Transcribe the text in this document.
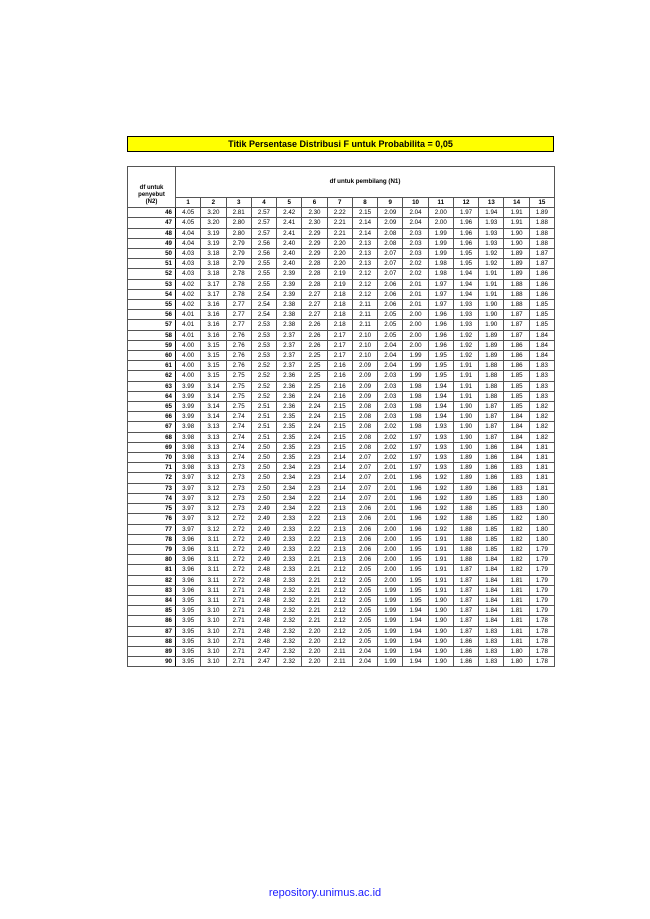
Titik Persentase Distribusi F untuk Probabilita = 0,05
df untuk
penyebut
(N2)	df untuk pembilang (N1)														
	1	2	3	4	5	6	7	8	9	10	11	12	13	14	15
46	4.05	3.20	2.81	2.57	2.42	2.30	2.22	2.15	2.09	2.04	2.00	1.97	1.94	1.91	1.89
47	4.05	3.20	2.80	2.57	2.41	2.30	2.21	2.14	2.09	2.04	2.00	1.96	1.93	1.91	1.88
48	4.04	3.19	2.80	2.57	2.41	2.29	2.21	2.14	2.08	2.03	1.99	1.96	1.93	1.90	1.88
49	4.04	3.19	2.79	2.56	2.40	2.29	2.20	2.13	2.08	2.03	1.99	1.96	1.93	1.90	1.88
50	4.03	3.18	2.79	2.56	2.40	2.29	2.20	2.13	2.07	2.03	1.99	1.95	1.92	1.89	1.87
51	4.03	3.18	2.79	2.55	2.40	2.28	2.20	2.13	2.07	2.02	1.98	1.95	1.92	1.89	1.87
52	4.03	3.18	2.78	2.55	2.39	2.28	2.19	2.12	2.07	2.02	1.98	1.94	1.91	1.89	1.86
53	4.02	3.17	2.78	2.55	2.39	2.28	2.19	2.12	2.06	2.01	1.97	1.94	1.91	1.88	1.86
54	4.02	3.17	2.78	2.54	2.39	2.27	2.18	2.12	2.06	2.01	1.97	1.94	1.91	1.88	1.86
55	4.02	3.16	2.77	2.54	2.38	2.27	2.18	2.11	2.06	2.01	1.97	1.93	1.90	1.88	1.85
56	4.01	3.16	2.77	2.54	2.38	2.27	2.18	2.11	2.05	2.00	1.96	1.93	1.90	1.87	1.85
57	4.01	3.16	2.77	2.53	2.38	2.26	2.18	2.11	2.05	2.00	1.96	1.93	1.90	1.87	1.85
58	4.01	3.16	2.76	2.53	2.37	2.26	2.17	2.10	2.05	2.00	1.96	1.92	1.89	1.87	1.84
59	4.00	3.15	2.76	2.53	2.37	2.26	2.17	2.10	2.04	2.00	1.96	1.92	1.89	1.86	1.84
60	4.00	3.15	2.76	2.53	2.37	2.25	2.17	2.10	2.04	1.99	1.95	1.92	1.89	1.86	1.84
61	4.00	3.15	2.76	2.52	2.37	2.25	2.16	2.09	2.04	1.99	1.95	1.91	1.88	1.86	1.83
62	4.00	3.15	2.75	2.52	2.36	2.25	2.16	2.09	2.03	1.99	1.95	1.91	1.88	1.85	1.83
63	3.99	3.14	2.75	2.52	2.36	2.25	2.16	2.09	2.03	1.98	1.94	1.91	1.88	1.85	1.83
64	3.99	3.14	2.75	2.52	2.36	2.24	2.16	2.09	2.03	1.98	1.94	1.91	1.88	1.85	1.83
65	3.99	3.14	2.75	2.51	2.36	2.24	2.15	2.08	2.03	1.98	1.94	1.90	1.87	1.85	1.82
66	3.99	3.14	2.74	2.51	2.35	2.24	2.15	2.08	2.03	1.98	1.94	1.90	1.87	1.84	1.82
67	3.98	3.13	2.74	2.51	2.35	2.24	2.15	2.08	2.02	1.98	1.93	1.90	1.87	1.84	1.82
68	3.98	3.13	2.74	2.51	2.35	2.24	2.15	2.08	2.02	1.97	1.93	1.90	1.87	1.84	1.82
69	3.98	3.13	2.74	2.50	2.35	2.23	2.15	2.08	2.02	1.97	1.93	1.90	1.86	1.84	1.81
70	3.98	3.13	2.74	2.50	2.35	2.23	2.14	2.07	2.02	1.97	1.93	1.89	1.86	1.84	1.81
71	3.98	3.13	2.73	2.50	2.34	2.23	2.14	2.07	2.01	1.97	1.93	1.89	1.86	1.83	1.81
72	3.97	3.12	2.73	2.50	2.34	2.23	2.14	2.07	2.01	1.96	1.92	1.89	1.86	1.83	1.81
73	3.97	3.12	2.73	2.50	2.34	2.23	2.14	2.07	2.01	1.96	1.92	1.89	1.86	1.83	1.81
74	3.97	3.12	2.73	2.50	2.34	2.22	2.14	2.07	2.01	1.96	1.92	1.89	1.85	1.83	1.80
75	3.97	3.12	2.73	2.49	2.34	2.22	2.13	2.06	2.01	1.96	1.92	1.88	1.85	1.83	1.80
76	3.97	3.12	2.72	2.49	2.33	2.22	2.13	2.06	2.01	1.96	1.92	1.88	1.85	1.82	1.80
77	3.97	3.12	2.72	2.49	2.33	2.22	2.13	2.06	2.00	1.96	1.92	1.88	1.85	1.82	1.80
78	3.96	3.11	2.72	2.49	2.33	2.22	2.13	2.06	2.00	1.95	1.91	1.88	1.85	1.82	1.80
79	3.96	3.11	2.72	2.49	2.33	2.22	2.13	2.06	2.00	1.95	1.91	1.88	1.85	1.82	1.79
80	3.96	3.11	2.72	2.49	2.33	2.21	2.13	2.06	2.00	1.95	1.91	1.88	1.84	1.82	1.79
81	3.96	3.11	2.72	2.48	2.33	2.21	2.12	2.05	2.00	1.95	1.91	1.87	1.84	1.82	1.79
82	3.96	3.11	2.72	2.48	2.33	2.21	2.12	2.05	2.00	1.95	1.91	1.87	1.84	1.81	1.79
83	3.96	3.11	2.71	2.48	2.32	2.21	2.12	2.05	1.99	1.95	1.91	1.87	1.84	1.81	1.79
84	3.95	3.11	2.71	2.48	2.32	2.21	2.12	2.05	1.99	1.95	1.90	1.87	1.84	1.81	1.79
85	3.95	3.10	2.71	2.48	2.32	2.21	2.12	2.05	1.99	1.94	1.90	1.87	1.84	1.81	1.79
86	3.95	3.10	2.71	2.48	2.32	2.21	2.12	2.05	1.99	1.94	1.90	1.87	1.84	1.81	1.78
87	3.95	3.10	2.71	2.48	2.32	2.20	2.12	2.05	1.99	1.94	1.90	1.87	1.83	1.81	1.78
88	3.95	3.10	2.71	2.48	2.32	2.20	2.12	2.05	1.99	1.94	1.90	1.86	1.83	1.81	1.78
89	3.95	3.10	2.71	2.47	2.32	2.20	2.11	2.04	1.99	1.94	1.90	1.86	1.83	1.80	1.78
90	3.95	3.10	2.71	2.47	2.32	2.20	2.11	2.04	1.99	1.94	1.90	1.86	1.83	1.80	1.78
repository.unimus.ac.id
